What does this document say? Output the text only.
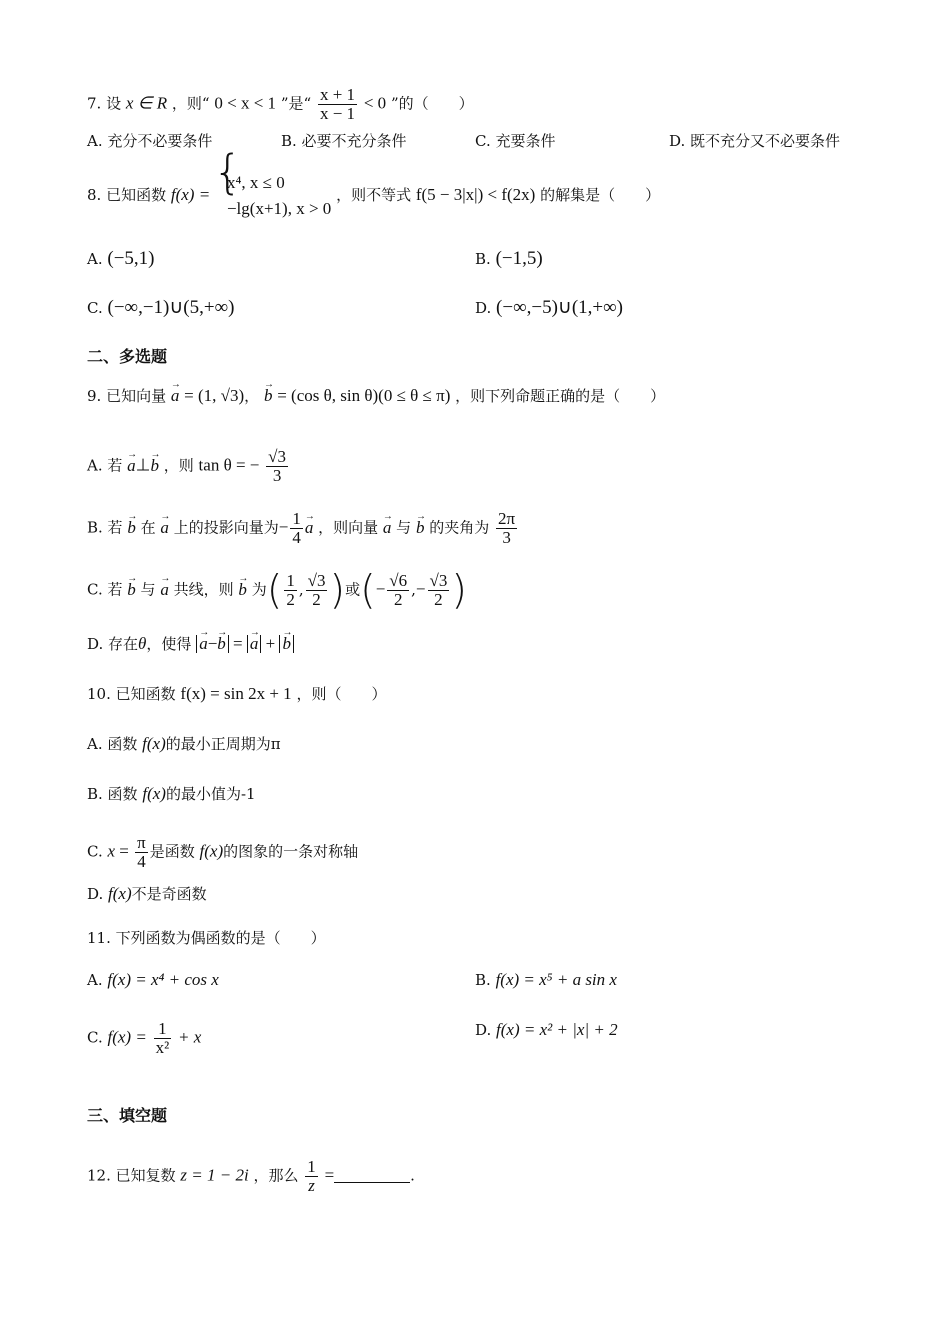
7. 设 x ∈ R ，则“ 0 < x < 1 ”是“ $\frac{x + 1}{x - 1} < 0$ ”的（　　）
A. 充分不必要条件	B. 必要不充分条件	C. 充要条件	D. 既不充分又不必要条件
8. 已知函数 f(x) =
{ x⁴, x ≤ 0
−lg(x+1), x > 0
，则不等式 f(5 − 3|x|) < f(2x) 的解集是（　　）
A. (−5,1)	B. (−1,5)
C. (−∞,−1)∪(5,+∞)	D. (−∞,−5)∪(1,+∞)
二、多选题
9. 已知向量 → a = (1, √3)， → b = (cos θ, sin θ)(0 ≤ θ ≤ π) ，则下列命题正确的是（　　）
A. 若 → a⊥→ b ，则 tan θ = − $\frac{√3}{3}$
B. 若 → b 在 → a 上的投影向量为− $\frac{1}{4}$
→ a ，则向量 → a 与 → b 的夹角为 $\frac{2\pi}{3}$
C. 若 → b 与 → a 共线，则 → b 为( $\frac{1}{2}$ , $\frac{√3}{2}$ )或(− $\frac{√6}{2}$ ,− $\frac{√3}{2}$ )
D. 存在θ，使得 → a−→ b = → a + → b
10. 已知函数 f(x) = sin 2x + 1 ，则（　　）
A. 函数 f(x)的最小正周期为π
B. 函数 f(x)的最小值为-1
C. $x = \frac{\pi}{4}$ 是函数 f(x)的图象的一条对称轴
D. f(x)不是奇函数
11. 下列函数为偶函数的是（　　）
A. f(x) = x⁴ + cos x	B. f(x) = x⁵ + a sin x
C. $f(x) = \frac{1}{\text{x²}} + x$	D. f(x) = x² + |x| + 2
三、填空题
12. 已知复数 z = 1 − 2i ，那么 $\frac{1}{z}$ =	.
